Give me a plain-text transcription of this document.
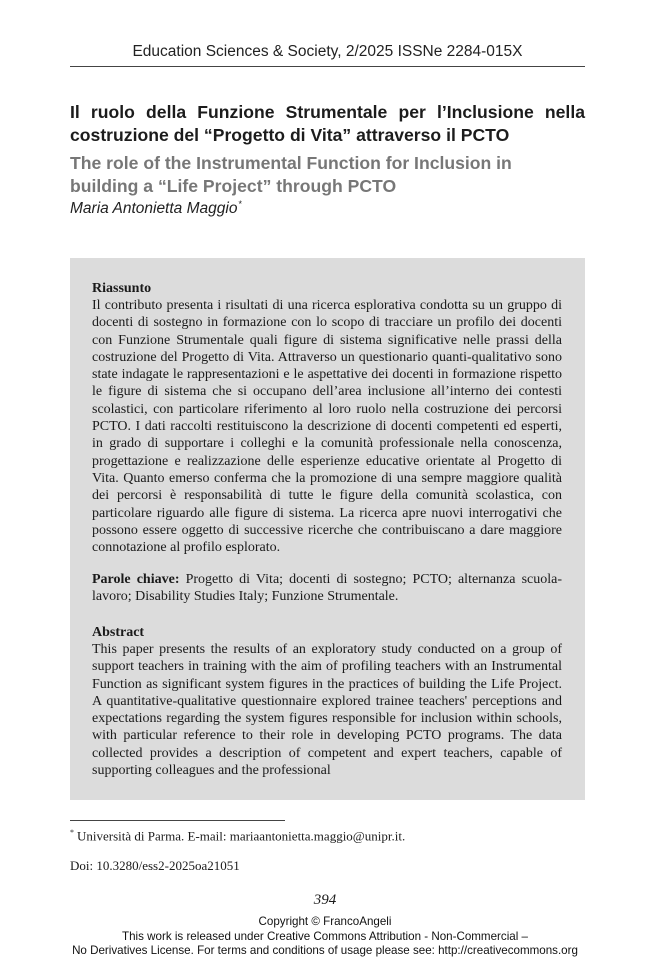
Education Sciences & Society, 2/2025 ISSNe 2284-015X
Il ruolo della Funzione Strumentale per l’Inclusione nella costruzione del “Progetto di Vita” attraverso il PCTO
The role of the Instrumental Function for Inclusion in building a “Life Project” through PCTO
Maria Antonietta Maggio*
Riassunto
Il contributo presenta i risultati di una ricerca esplorativa condotta su un gruppo di docenti di sostegno in formazione con lo scopo di tracciare un profilo dei docenti con Funzione Strumentale quali figure di sistema significative nelle prassi della costruzione del Progetto di Vita. Attraverso un questionario quanti-qualitativo sono state indagate le rappresentazioni e le aspettative dei docenti in formazione rispetto le figure di sistema che si occupano dell’area inclusione all’interno dei contesti scolastici, con particolare riferimento al loro ruolo nella costruzione dei percorsi PCTO. I dati raccolti restituiscono la descrizione di docenti competenti ed esperti, in grado di supportare i colleghi e la comunità professionale nella conoscenza, progettazione e realizzazione delle esperienze educative orientate al Progetto di Vita. Quanto emerso conferma che la promozione di una sempre maggiore qualità dei percorsi è responsabilità di tutte le figure della comunità scolastica, con particolare riguardo alle figure di sistema. La ricerca apre nuovi interrogativi che possono essere oggetto di successive ricerche che contribuiscano a dare maggiore connotazione al profilo esplorato.
Parole chiave: Progetto di Vita; docenti di sostegno; PCTO; alternanza scuola-lavoro; Disability Studies Italy; Funzione Strumentale.
Abstract
This paper presents the results of an exploratory study conducted on a group of support teachers in training with the aim of profiling teachers with an Instrumental Function as significant system figures in the practices of building the Life Project. A quantitative-qualitative questionnaire explored trainee teachers' perceptions and expectations regarding the system figures responsible for inclusion within schools, with particular reference to their role in developing PCTO programs. The data collected provides a description of competent and expert teachers, capable of supporting colleagues and the professional
* Università di Parma. E-mail: mariaantonietta.maggio@unipr.it.
Doi: 10.3280/ess2-2025oa21051
394
Copyright © FrancoAngeli
This work is released under Creative Commons Attribution - Non-Commercial –
No Derivatives License. For terms and conditions of usage please see: http://creativecommons.org
